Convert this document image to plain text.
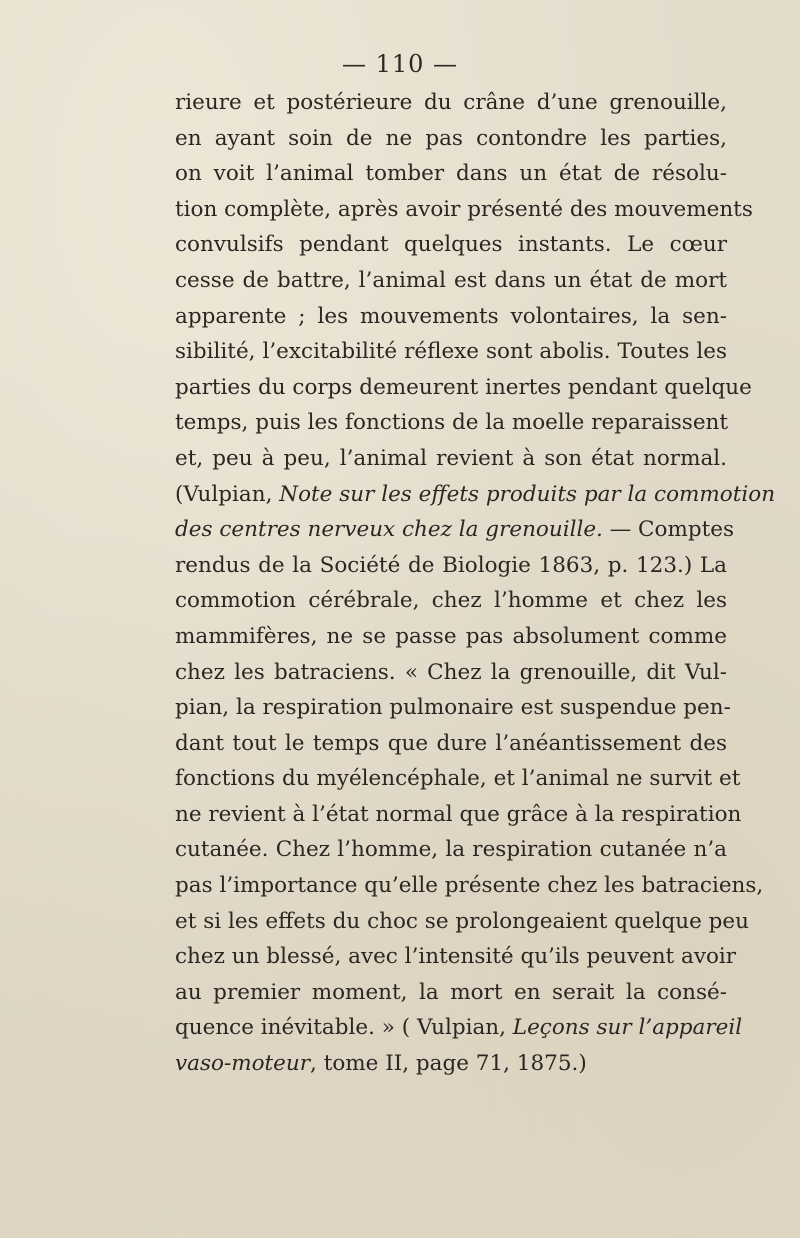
— 110 —
rieure et postérieure du crâne d’une grenouille,
en ayant soin de ne pas contondre les parties,
on voit l’animal tomber dans un état de résolu-
tion complète, après avoir présenté des mouvements
convulsifs pendant quelques instants. Le cœur
cesse de battre, l’animal est dans un état de mort
apparente ; les mouvements volontaires, la sen-
sibilité, l’excitabilité réflexe sont abolis. Toutes les
parties du corps demeurent inertes pendant quelque
temps, puis les fonctions de la moelle reparaissent
et, peu à peu, l’animal revient à son état normal.
(Vulpian, Note sur les effets produits par la commotion
des centres nerveux chez la grenouille. — Comptes
rendus de la Société de Biologie 1863, p. 123.) La
commotion cérébrale, chez l’homme et chez les
mammifères, ne se passe pas absolument comme
chez les batraciens. « Chez la grenouille, dit Vul-
pian, la respiration pulmonaire est suspendue pen-
dant tout le temps que dure l’anéantissement des
fonctions du myélencéphale, et l’animal ne survit et
ne revient à l’état normal que grâce à la respiration
cutanée. Chez l’homme, la respiration cutanée n’a
pas l’importance qu’elle présente chez les batraciens,
et si les effets du choc se prolongeaient quelque peu
chez un blessé, avec l’intensité qu’ils peuvent avoir
au premier moment, la mort en serait la consé-
quence inévitable. » ( Vulpian, Leçons sur l’appareil
vaso-moteur, tome II, page 71, 1875.)
